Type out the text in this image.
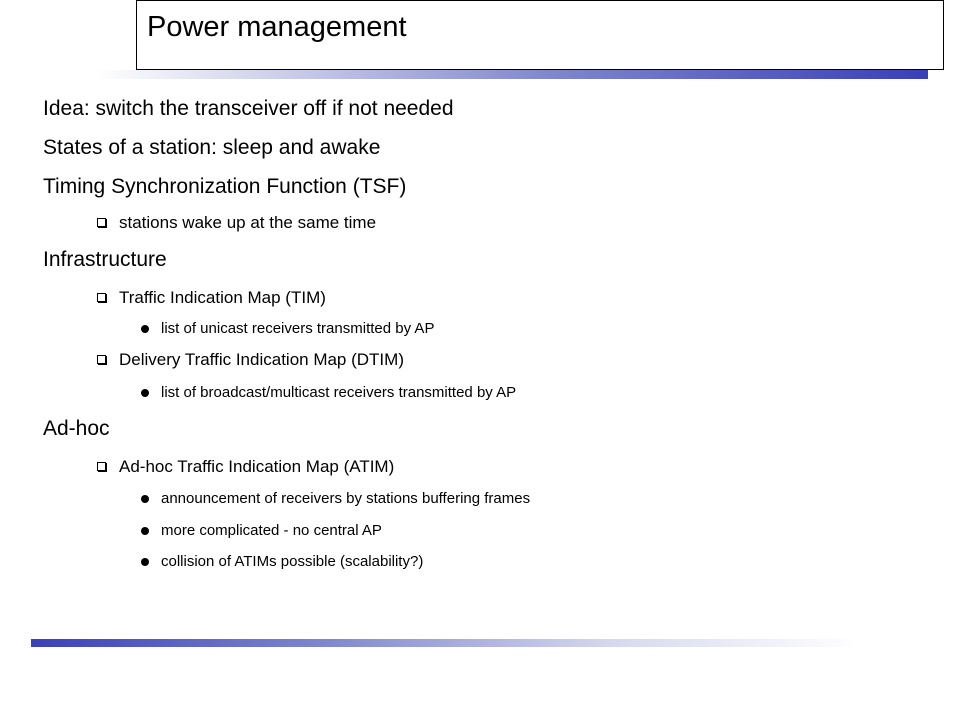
Power management
Idea: switch the transceiver off if not needed
States of a station: sleep and awake
Timing Synchronization Function (TSF)
stations wake up at the same time
Infrastructure
Traffic Indication Map (TIM)
list of unicast receivers transmitted by AP
Delivery Traffic Indication Map (DTIM)
list of broadcast/multicast receivers transmitted by AP
Ad-hoc
Ad-hoc Traffic Indication Map (ATIM)
announcement of receivers by stations buffering frames
more complicated - no central AP
collision of ATIMs possible (scalability?)
